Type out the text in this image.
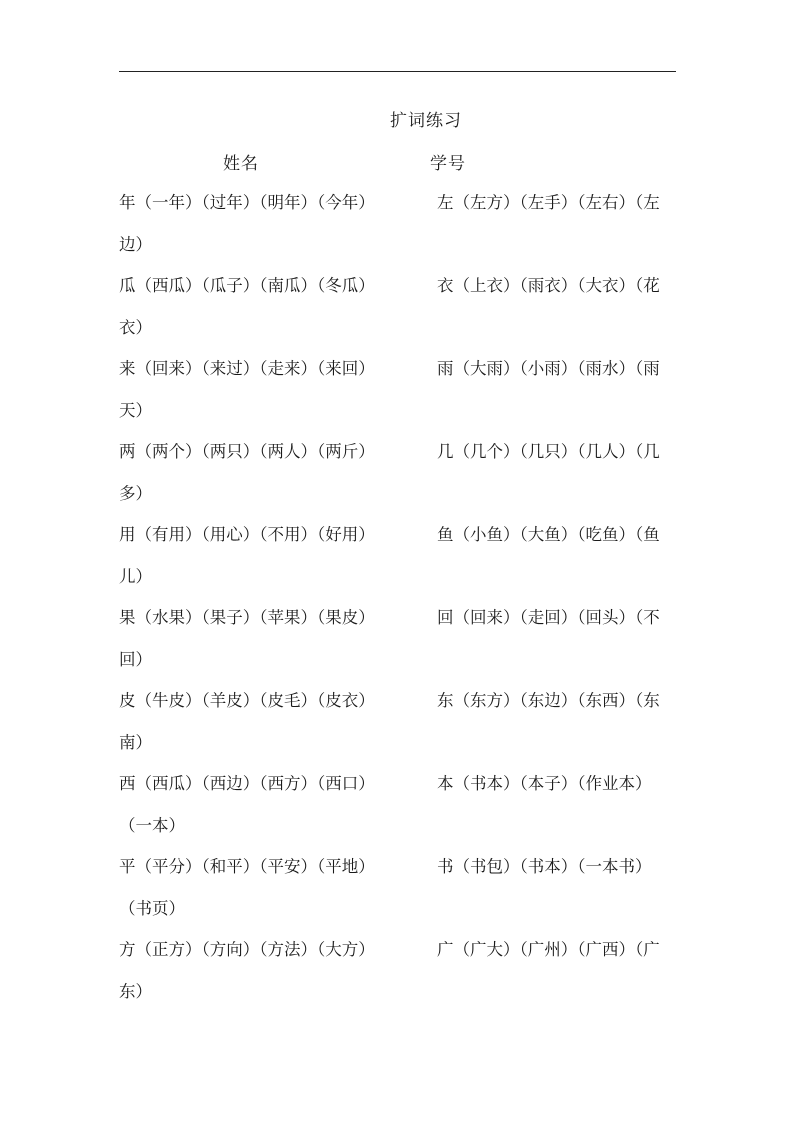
扩词练习
姓名	学号
年（一年）（过年）（明年）（今年）	左（左方）（左手）（左右）（左
边）
瓜（西瓜）（瓜子）（南瓜）（冬瓜）	衣（上衣）（雨衣）（大衣）（花
衣）
来（回来）（来过）（走来）（来回）	雨（大雨）（小雨）（雨水）（雨
天）
两（两个）（两只）（两人）（两斤）	几（几个）（几只）（几人）（几
多）
用（有用）（用心）（不用）（好用）	鱼（小鱼）（大鱼）（吃鱼）（鱼
儿）
果（水果）（果子）（苹果）（果皮）	回（回来）（走回）（回头）（不
回）
皮（牛皮）（羊皮）（皮毛）（皮衣）	东（东方）（东边）（东西）（东
南）
西（西瓜）（西边）（西方）（西口）	本（书本）（本子）（作业本）
（一本）
平（平分）（和平）（平安）（平地）	书（书包）（书本）（一本书）
（书页）
方（正方）（方向）（方法）（大方）	广（广大）（广州）（广西）（广
东）
